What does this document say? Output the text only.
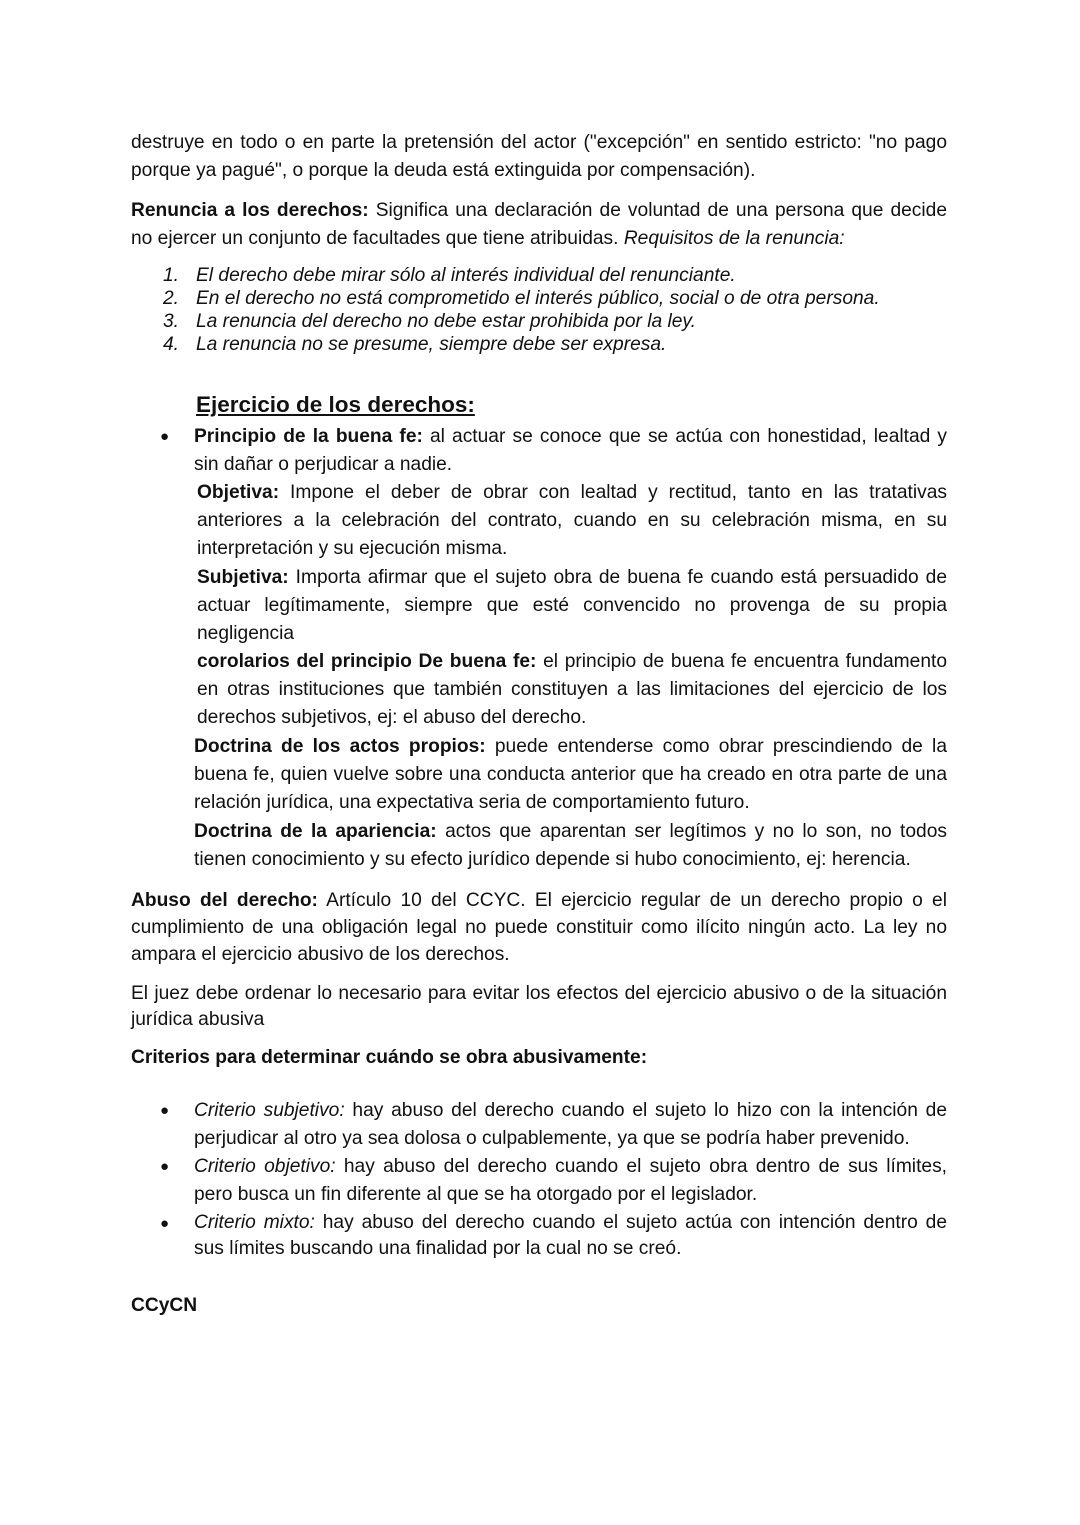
destruye en todo o en parte la pretensión del actor ("excepción" en sentido estricto: "no pago porque ya pagué", o porque la deuda está extinguida por compensación).

Renuncia a los derechos: Significa una declaración de voluntad de una persona que decide no ejercer un conjunto de facultades que tiene atribuidas. Requisitos de la renuncia:

1. El derecho debe mirar sólo al interés individual del renunciante.
2. En el derecho no está comprometido el interés público, social o de otra persona.
3. La renuncia del derecho no debe estar prohibida por la ley.
4. La renuncia no se presume, siempre debe ser expresa.
Ejercicio de los derechos:
● Principio de la buena fe: al actuar se conoce que se actúa con honestidad, lealtad y sin dañar o perjudicar a nadie.

Objetiva: Impone el deber de obrar con lealtad y rectitud, tanto en las tratativas anteriores a la celebración del contrato, cuando en su celebración misma, en su interpretación y su ejecución misma.

Subjetiva: Importa afirmar que el sujeto obra de buena fe cuando está persuadido de actuar legítimamente, siempre que esté convencido no provenga de su propia negligencia

corolarios del principio De buena fe: el principio de buena fe encuentra fundamento en otras instituciones que también constituyen a las limitaciones del ejercicio de los derechos subjetivos, ej: el abuso del derecho.

Doctrina de los actos propios: puede entenderse como obrar prescindiendo de la buena fe, quien vuelve sobre una conducta anterior que ha creado en otra parte de una relación jurídica, una expectativa seria de comportamiento futuro.

Doctrina de la apariencia: actos que aparentan ser legítimos y no lo son, no todos tienen conocimiento y su efecto jurídico depende si hubo conocimiento, ej: herencia.

Abuso del derecho: Artículo 10 del CCYC. El ejercicio regular de un derecho propio o el cumplimiento de una obligación legal no puede constituir como ilícito ningún acto. La ley no ampara el ejercicio abusivo de los derechos.

El juez debe ordenar lo necesario para evitar los efectos del ejercicio abusivo o de la situación jurídica abusiva

Criterios para determinar cuándo se obra abusivamente:

● Criterio subjetivo: hay abuso del derecho cuando el sujeto lo hizo con la intención de perjudicar al otro ya sea dolosa o culpablemente, ya que se podría haber prevenido.

● Criterio objetivo: hay abuso del derecho cuando el sujeto obra dentro de sus límites, pero busca un fin diferente al que se ha otorgado por el legislador.

● Criterio mixto: hay abuso del derecho cuando el sujeto actúa con intención dentro de sus límites buscando una finalidad por la cual no se creó.

CCyCN
